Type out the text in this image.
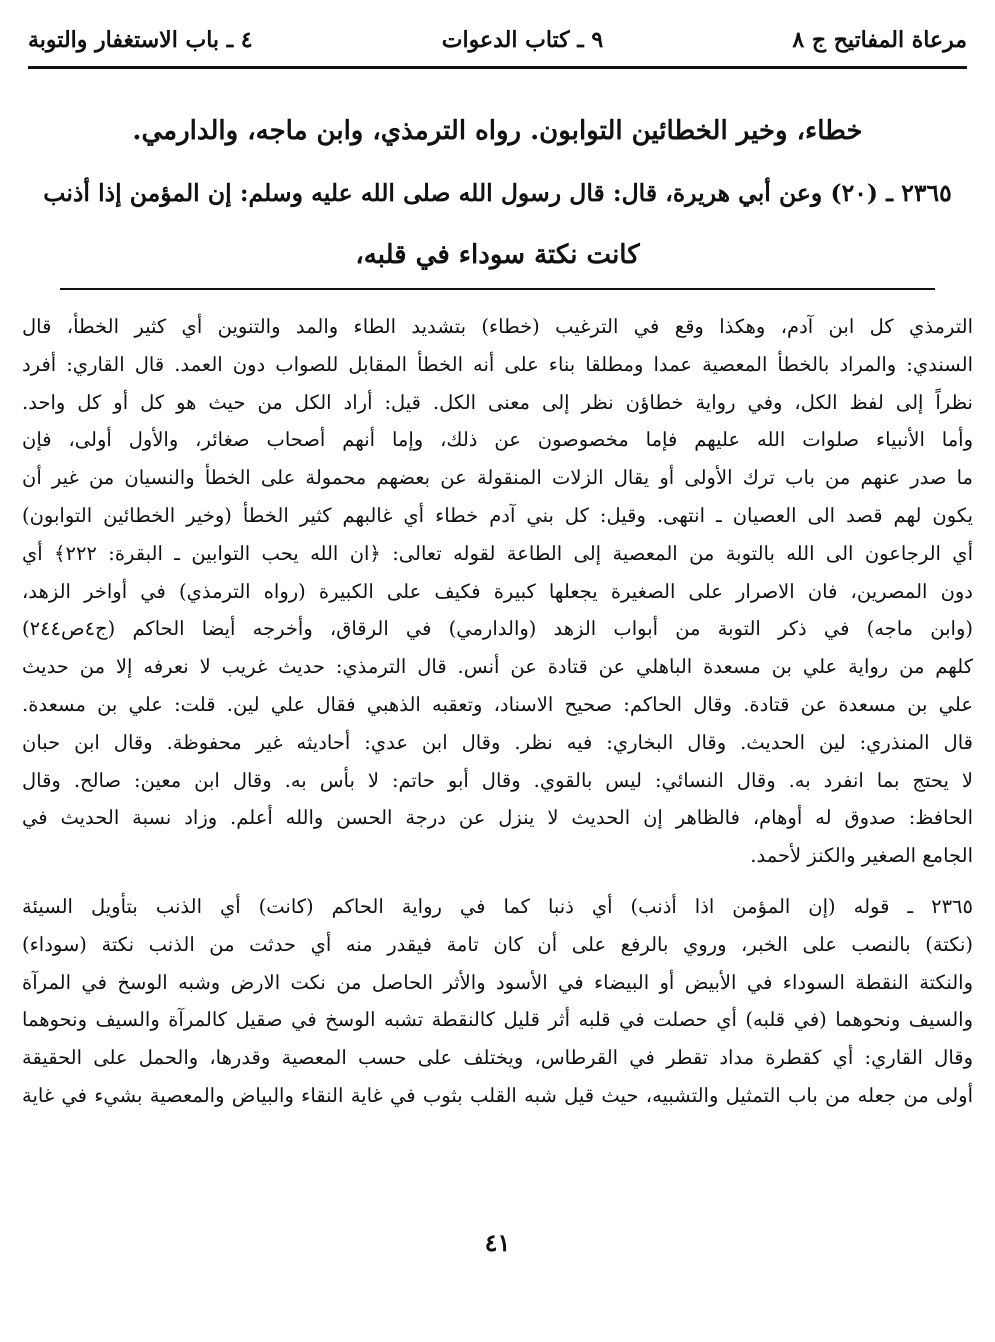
مرعاة المفاتيح ج ٨
٩ ـ كتاب الدعوات
٤ ـ باب الاستغفار والتوبة
خطاء، وخير الخطائين التوابون. رواه الترمذي، وابن ماجه، والدارمي.
٢٣٦٥ ـ (٢٠) وعن أبي هريرة، قال: قال رسول الله صلى الله عليه وسلم: إن المؤمن إذا أذنب
كانت نكتة سوداء في قلبه،
الترمذي كل ابن آدم، وهكذا وقع في الترغيب (خطاء) بتشديد الطاء والمد والتنوين أي كثير الخطأ، قال
السندي: والمراد بالخطأ المعصية عمدا ومطلقا بناء على أنه الخطأ المقابل للصواب دون العمد. قال القاري: أفرد
نظراً إلى لفظ الكل، وفي رواية خطاؤن نظر إلى معنى الكل. قيل: أراد الكل من حيث هو كل أو كل واحد.
وأما الأنبياء صلوات الله عليهم فإما مخصوصون عن ذلك، وإما أنهم أصحاب صغائر، والأول أولى، فإن
ما صدر عنهم من باب ترك الأولى أو يقال الزلات المنقولة عن بعضهم محمولة على الخطأ والنسيان من غير أن
يكون لهم قصد الى العصيان ـ انتهى. وقيل: كل بني آدم خطاء أي غالبهم كثير الخطأ (وخير الخطائين التوابون)
أي الرجاعون الى الله بالتوبة من المعصية إلى الطاعة لقوله تعالى: ﴿ان الله يحب التوابين ـ البقرة: ٢٢٢﴾ أي
دون المصرين، فان الاصرار على الصغيرة يجعلها كبيرة فكيف على الكبيرة (رواه الترمذي) في أواخر الزهد،
(وابن ماجه) في ذكر التوبة من أبواب الزهد (والدارمي) في الرقاق، وأخرجه أيضا الحاكم (ج٤ص٢٤٤)
كلهم من رواية علي بن مسعدة الباهلي عن قتادة عن أنس. قال الترمذي: حديث غريب لا نعرفه إلا من حديث
علي بن مسعدة عن قتادة. وقال الحاكم: صحيح الاسناد، وتعقبه الذهبي فقال علي لين. قلت: علي بن مسعدة.
قال المنذري: لين الحديث. وقال البخاري: فيه نظر. وقال ابن عدي: أحاديثه غير محفوظة. وقال ابن حبان
لا يحتج بما انفرد به. وقال النسائي: ليس بالقوي. وقال أبو حاتم: لا بأس به. وقال ابن معين: صالح. وقال
الحافظ: صدوق له أوهام، فالظاهر إن الحديث لا ينزل عن درجة الحسن والله أعلم. وزاد نسبة الحديث في
الجامع الصغير والكنز لأحمد.
٢٣٦٥ ـ قوله (إن المؤمن اذا أذنب) أي ذنبا كما في رواية الحاكم (كانت) أي الذنب بتأويل السيئة
(نكتة) بالنصب على الخبر، وروي بالرفع على أن كان تامة فيقدر منه أي حدثت من الذنب نكتة (سوداء)
والنكتة النقطة السوداء في الأبيض أو البيضاء في الأسود والأثر الحاصل من نكت الارض وشبه الوسخ في المرآة
والسيف ونحوهما (في قلبه) أي حصلت في قلبه أثر قليل كالنقطة تشبه الوسخ في صقيل كالمرآة والسيف ونحوهما
وقال القاري: أي كقطرة مداد تقطر في القرطاس، ويختلف على حسب المعصية وقدرها، والحمل على الحقيقة
أولى من جعله من باب التمثيل والتشبيه، حيث قيل شبه القلب بثوب في غاية النقاء والبياض والمعصية بشيء في غاية
٤١
